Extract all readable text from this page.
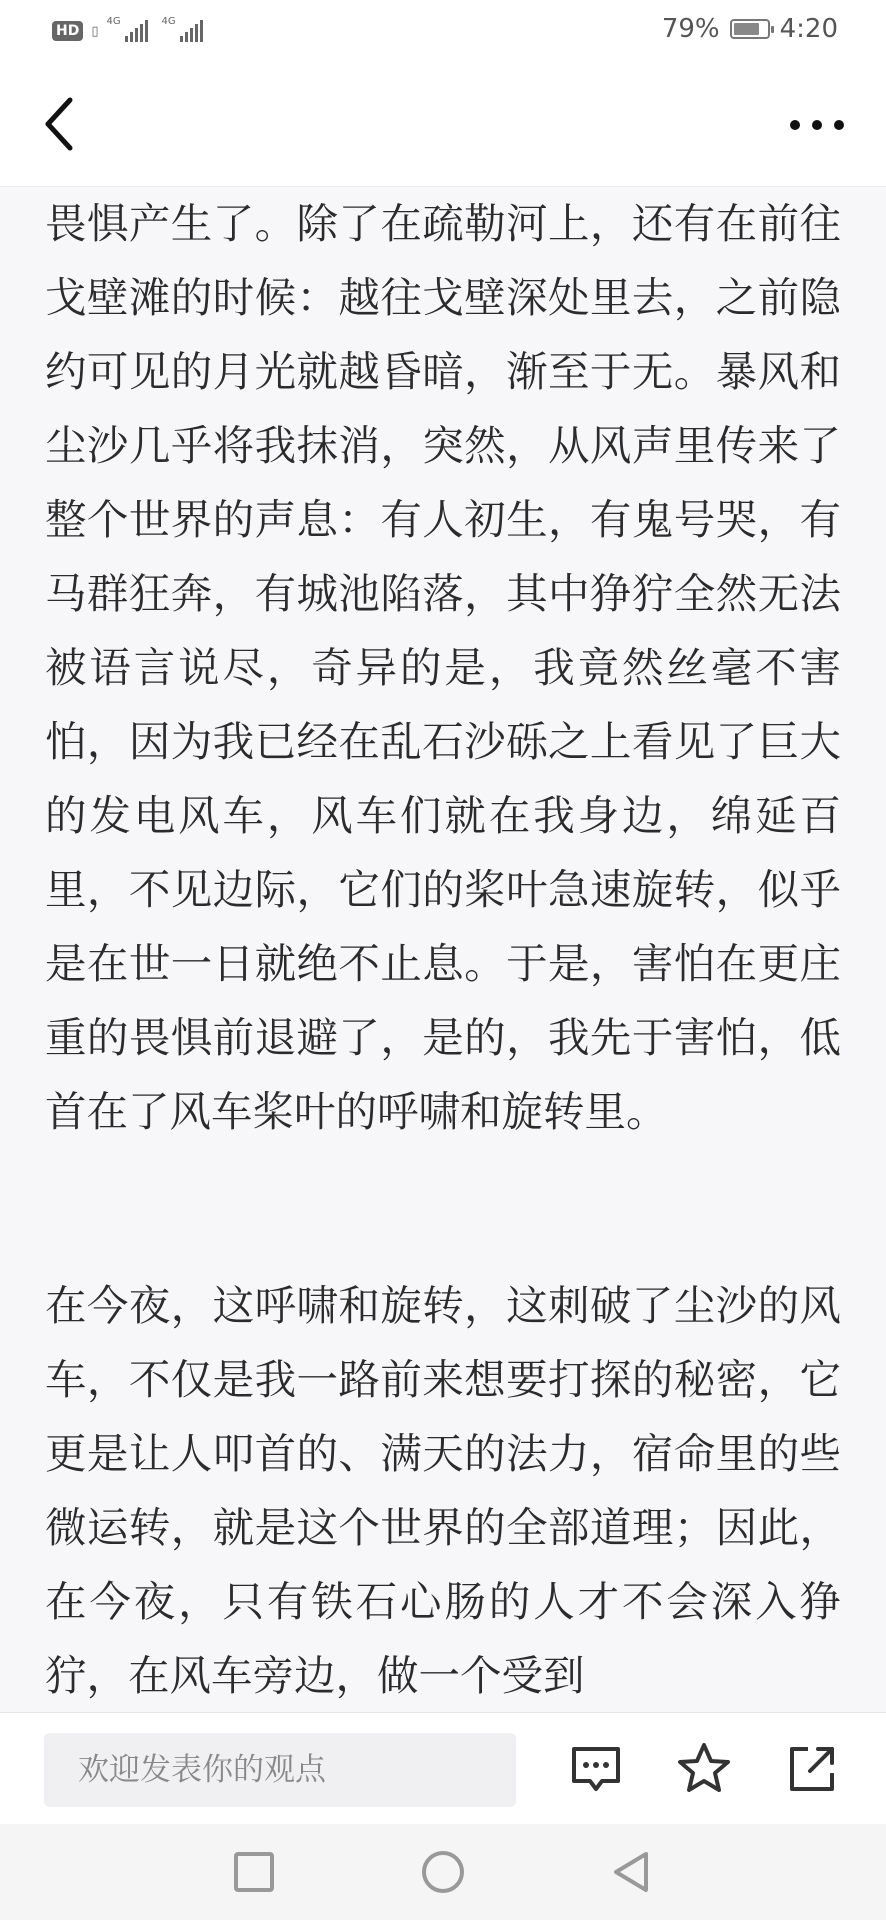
HD ▯
4G	4G	79% 4:20

畏惧产生了。除了在疏勒河上，还有在前往戈壁滩的时候：越往戈壁深处里去，之前隐约可见的月光就越昏暗，渐至于无。暴风和尘沙几乎将我抹消，突然，从风声里传来了整个世界的声息：有人初生，有鬼号哭，有马群狂奔，有城池陷落，其中狰狞全然无法被语言说尽，奇异的是，我竟然丝毫不害怕，因为我已经在乱石沙砾之上看见了巨大的发电风车，风车们就在我身边，绵延百里，不见边际，它们的桨叶急速旋转，似乎是在世一日就绝不止息。于是，害怕在更庄重的畏惧前退避了，是的，我先于害怕，低首在了风车桨叶的呼啸和旋转里。

在今夜，这呼啸和旋转，这刺破了尘沙的风车，不仅是我一路前来想要打探的秘密，它更是让人叩首的、满天的法力，宿命里的些微运转，就是这个世界的全部道理；因此，在今夜，只有铁石心肠的人才不会深入狰狞，在风车旁边，做一个受到

欢迎发表你的观点
